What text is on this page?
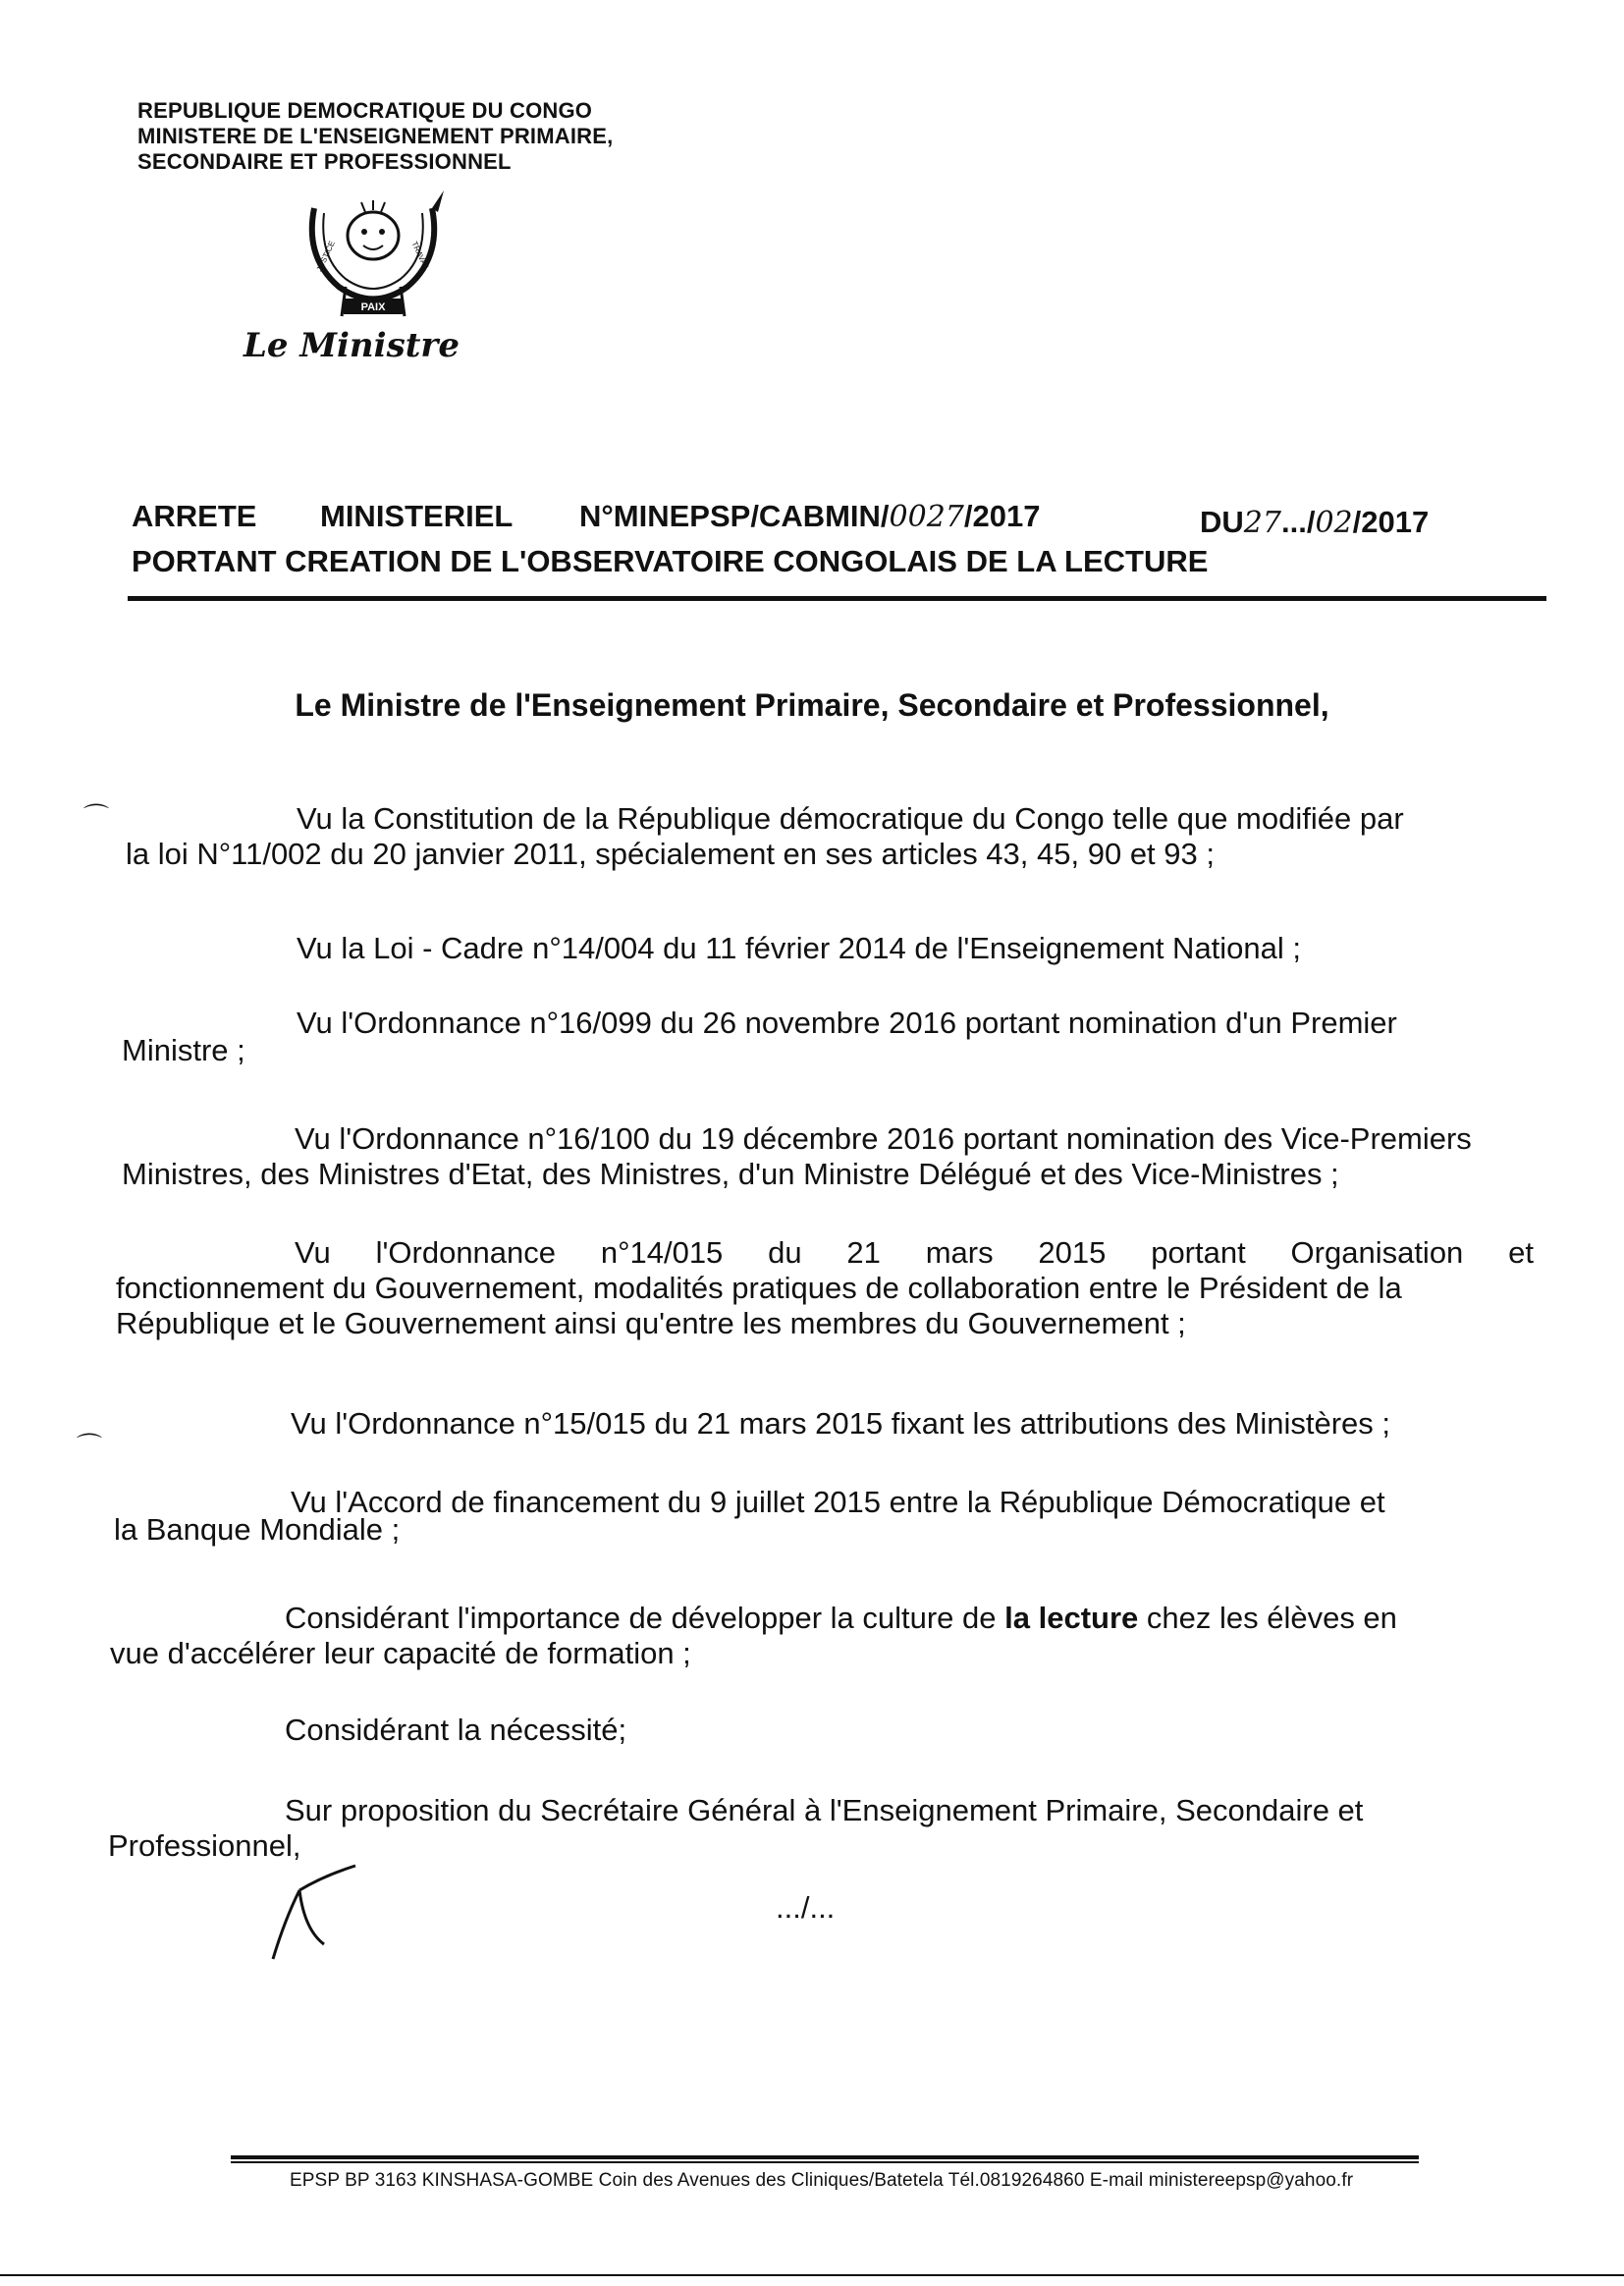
REPUBLIQUE DEMOCRATIQUE DU CONGO
MINISTERE DE L'ENSEIGNEMENT PRIMAIRE,
SECONDAIRE ET PROFESSIONNEL
PAIX
JUSTICE	TRAVAIL
Le Ministre
ARRETE MINISTERIEL N°MINEPSP/CABMIN/0027/2017	DU27.../02/2017
PORTANT CREATION DE L'OBSERVATOIRE CONGOLAIS DE LA LECTURE
Le Ministre de l'Enseignement Primaire, Secondaire et Professionnel,
⌒
⌒
Vu la Constitution de la République démocratique du Congo telle que modifiée par
la loi N°11/002 du 20 janvier 2011, spécialement en ses articles 43, 45, 90 et 93 ;
Vu la Loi - Cadre n°14/004 du 11 février 2014 de l'Enseignement National ;
Vu l'Ordonnance n°16/099 du 26 novembre 2016 portant nomination d'un Premier
Ministre ;
Vu l'Ordonnance n°16/100 du 19 décembre 2016 portant nomination des Vice-Premiers
Ministres, des Ministres d'Etat, des Ministres, d'un Ministre Délégué et des Vice-Ministres ;
Vu l'Ordonnance n°14/015 du 21 mars 2015 portant Organisation et
fonctionnement du Gouvernement, modalités pratiques de collaboration entre le Président de la
République et le Gouvernement ainsi qu'entre les membres du Gouvernement ;
Vu l'Ordonnance n°15/015 du 21 mars 2015 fixant les attributions des Ministères ;
Vu l'Accord de financement du 9 juillet 2015 entre la République Démocratique et
la Banque Mondiale ;
Considérant l'importance de développer la culture de la lecture chez les élèves en
vue d'accélérer leur capacité de formation ;
Considérant la nécessité;
Sur proposition du Secrétaire Général à l'Enseignement Primaire, Secondaire et
Professionnel,
.../...
EPSP BP 3163 KINSHASA-GOMBE Coin des Avenues des Cliniques/Batetela Tél.0819264860 E-mail ministereepsp@yahoo.fr
